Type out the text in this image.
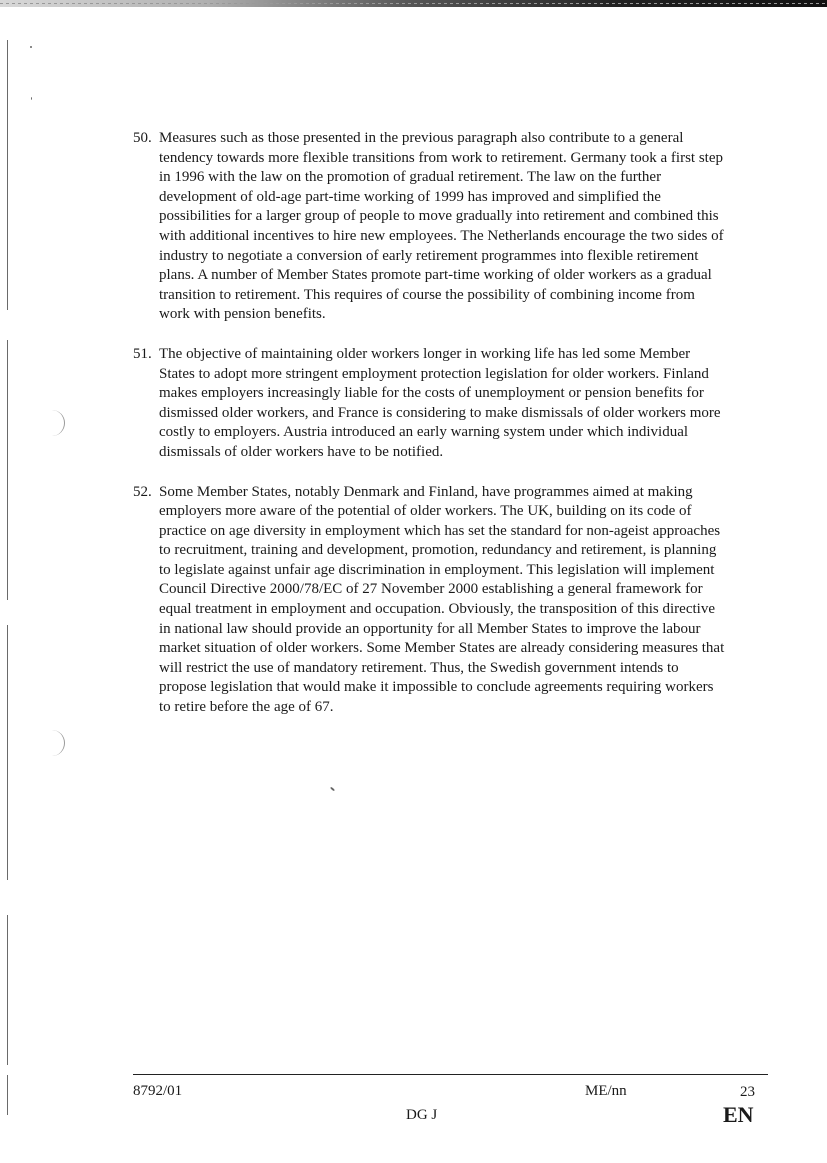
50. Measures such as those presented in the previous paragraph also contribute to a general tendency towards more flexible transitions from work to retirement. Germany took a first step in 1996 with the law on the promotion of gradual retirement. The law on the further development of old-age part-time working of 1999 has improved and simplified the possibilities for a larger group of people to move gradually into retirement and combined this with additional incentives to hire new employees. The Netherlands encourage the two sides of industry to negotiate a conversion of early retirement programmes into flexible retirement plans. A number of Member States promote part-time working of older workers as a gradual transition to retirement. This requires of course the possibility of combining income from work with pension benefits.

51. The objective of maintaining older workers longer in working life has led some Member States to adopt more stringent employment protection legislation for older workers. Finland makes employers increasingly liable for the costs of unemployment or pension benefits for dismissed older workers, and France is considering to make dismissals of older workers more costly to employers. Austria introduced an early warning system under which individual dismissals of older workers have to be notified.

52. Some Member States, notably Denmark and Finland, have programmes aimed at making employers more aware of the potential of older workers. The UK, building on its code of practice on age diversity in employment which has set the standard for non-ageist approaches to recruitment, training and development, promotion, redundancy and retirement, is planning to legislate against unfair age discrimination in employment. This legislation will implement Council Directive 2000/78/EC of 27 November 2000 establishing a general framework for equal treatment in employment and occupation. Obviously, the transposition of this directive in national law should provide an opportunity for all Member States to improve the labour market situation of older workers. Some Member States are already considering measures that will restrict the use of mandatory retirement. Thus, the Swedish government intends to propose legislation that would make it impossible to conclude agreements requiring workers to retire before the age of 67.

8792/01	ME/nn	23
DG J	EN
